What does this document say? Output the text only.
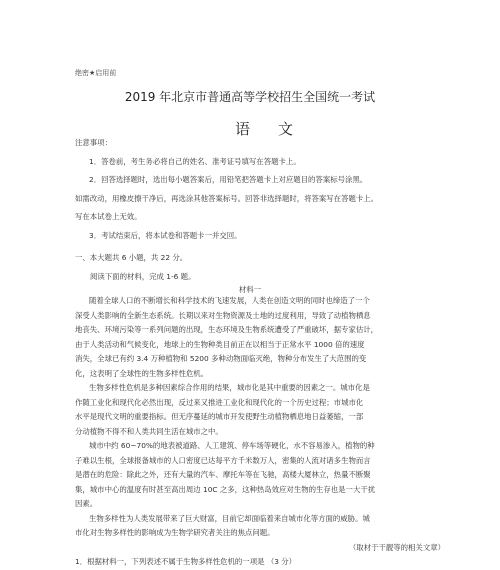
绝密★启用前
2019 年北京市普通高等学校招生全国统一考试
语文

注意事项：

1．答卷前，考生务必将自己的姓名、准考证号填写在答题卡上。

2．回答选择题时，选出每小题答案后，用铅笔把答题卡上对应题目的答案标号涂黑。

如需改动，用橡皮擦干净后，再选涂其他答案标号。回答非选择题时，将答案写在答题卡上。

写在本试卷上无效。

3．考试结束后，将本试卷和答题卡一并交回。

一、本大题共 6 小题，共 22 分。
阅读下面的材料，完成 1-6 题。
材料一

随着全球人口的不断增长和科学技术的飞速发展，人类在创造文明的同时也缔造了一个

深受人类影响的全新生态系统。长期以来对生物资源及土地的过度利用，导致了动植物栖息

地丧失、环境污染等一系列问题的出现，生态环境及生物系统遭受了严重破坏，据专家估计，

由于人类活动和气候变化，地球上的生物种类目前正在以相当于正常水平 1000 倍的速度

消失，全球已有约 3.4 万种植物和 5200 多种动物面临灭绝，物种分布发生了大范围的变

化，这表明了全球性的生物多样性危机。

生物多样性危机是多种因素综合作用的结果，城市化是其中重要的因素之一。城市化是

作随工业化和现代化必然出现，反过来又推进工业化和现代化的一个历史过程；市城市化

水平是现代文明的重要指标。但无序蔓延的城市开发使野生动植物栖息地日益萎缩，一部

分动植物不得不和人类共同生活在城市之中。

城市中约 60~70%的地表被道路、人工建筑、停车场等硬化，水不容易渗入，植物的种

子难以生根，全球报备城市的人口密度已达每平方千米数万人，密集的人流对诸多生物而言

是潜在的危险：除此之外，还有大量的汽车、摩托车等在飞驰，高楼大厦林立，热量不断聚

集，城市中心的温度有时甚至高出周边 10C 之多，这种热岛效应对生物的生存也是一大干扰

因素。

生物多样性为人类发展带来了巨大财富，目前它却面临着来自城市化等方面的威胁。城

市化对生物多样性的影响成为生物学研究者关注的焦点问题。

（取材于干靓等的相关文章）

1．根据材料一，下列表述不属于生物多样性危机的一项是 （3 分）
